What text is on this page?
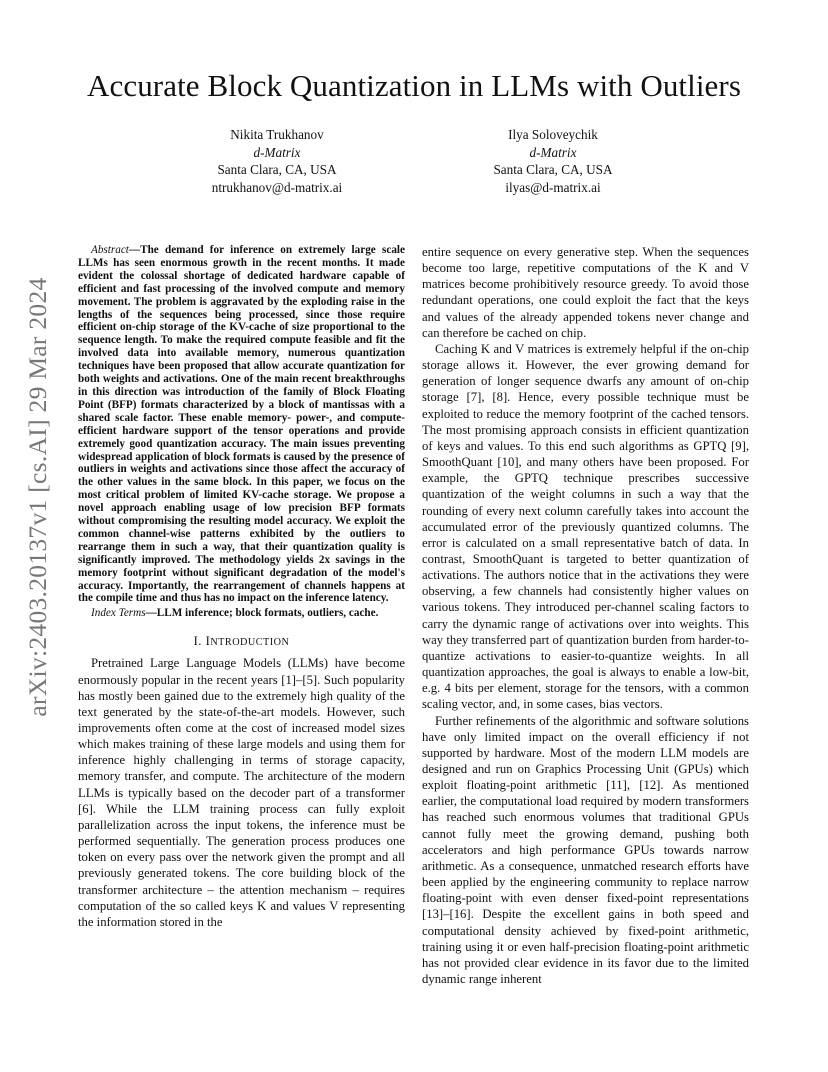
Accurate Block Quantization in LLMs with Outliers
Nikita Trukhanov
d-Matrix
Santa Clara, CA, USA
ntrukhanov@d-matrix.ai
Ilya Soloveychik
d-Matrix
Santa Clara, CA, USA
ilyas@d-matrix.ai
arXiv:2403.20137v1 [cs.AI] 29 Mar 2024

Abstract—The demand for inference on extremely large scale LLMs has seen enormous growth in the recent months. It made evident the colossal shortage of dedicated hardware capable of efficient and fast processing of the involved compute and memory movement. The problem is aggravated by the exploding raise in the lengths of the sequences being processed, since those require efficient on-chip storage of the KV-cache of size proportional to the sequence length. To make the required compute feasible and fit the involved data into available memory, numerous quantization techniques have been proposed that allow accurate quantization for both weights and activations. One of the main recent breakthroughs in this direction was introduction of the family of Block Floating Point (BFP) formats characterized by a block of mantissas with a shared scale factor. These enable memory- power-, and compute- efficient hardware support of the tensor operations and provide extremely good quantization accuracy. The main issues preventing widespread application of block formats is caused by the presence of outliers in weights and activations since those affect the accuracy of the other values in the same block. In this paper, we focus on the most critical problem of limited KV-cache storage. We propose a novel approach enabling usage of low precision BFP formats without compromising the resulting model accuracy. We exploit the common channel-wise patterns exhibited by the outliers to rearrange them in such a way, that their quantization quality is significantly improved. The methodology yields 2x savings in the memory footprint without significant degradation of the model's accuracy. Importantly, the rearrangement of channels happens at the compile time and thus has no impact on the inference latency.

Index Terms—LLM inference; block formats, outliers, cache.

I. INTRODUCTION

Pretrained Large Language Models (LLMs) have become enormously popular in the recent years [1]–[5]. Such popularity has mostly been gained due to the extremely high quality of the text generated by the state-of-the-art models. However, such improvements often come at the cost of increased model sizes which makes training of these large models and using them for inference highly challenging in terms of storage capacity, memory transfer, and compute. The architecture of the modern LLMs is typically based on the decoder part of a transformer [6]. While the LLM training process can fully exploit parallelization across the input tokens, the inference must be performed sequentially. The generation process produces one token on every pass over the network given the prompt and all previously generated tokens. The core building block of the transformer architecture – the attention mechanism – requires computation of the so called keys K and values V representing the information stored in the

entire sequence on every generative step. When the sequences become too large, repetitive computations of the K and V matrices become prohibitively resource greedy. To avoid those redundant operations, one could exploit the fact that the keys and values of the already appended tokens never change and can therefore be cached on chip.

Caching K and V matrices is extremely helpful if the on-chip storage allows it. However, the ever growing demand for generation of longer sequence dwarfs any amount of on-chip storage [7], [8]. Hence, every possible technique must be exploited to reduce the memory footprint of the cached tensors. The most promising approach consists in efficient quantization of keys and values. To this end such algorithms as GPTQ [9], SmoothQuant [10], and many others have been proposed. For example, the GPTQ technique prescribes successive quantization of the weight columns in such a way that the rounding of every next column carefully takes into account the accumulated error of the previously quantized columns. The error is calculated on a small representative batch of data. In contrast, SmoothQuant is targeted to better quantization of activations. The authors notice that in the activations they were observing, a few channels had consistently higher values on various tokens. They introduced per-channel scaling factors to carry the dynamic range of activations over into weights. This way they transferred part of quantization burden from harder-to-quantize activations to easier-to-quantize weights. In all quantization approaches, the goal is always to enable a low-bit, e.g. 4 bits per element, storage for the tensors, with a common scaling vector, and, in some cases, bias vectors.

Further refinements of the algorithmic and software solutions have only limited impact on the overall efficiency if not supported by hardware. Most of the modern LLM models are designed and run on Graphics Processing Unit (GPUs) which exploit floating-point arithmetic [11], [12]. As mentioned earlier, the computational load required by modern transformers has reached such enormous volumes that traditional GPUs cannot fully meet the growing demand, pushing both accelerators and high performance GPUs towards narrow arithmetic. As a consequence, unmatched research efforts have been applied by the engineering community to replace narrow floating-point with even denser fixed-point representations [13]–[16]. Despite the excellent gains in both speed and computational density achieved by fixed-point arithmetic, training using it or even half-precision floating-point arithmetic has not provided clear evidence in its favor due to the limited dynamic range inherent
